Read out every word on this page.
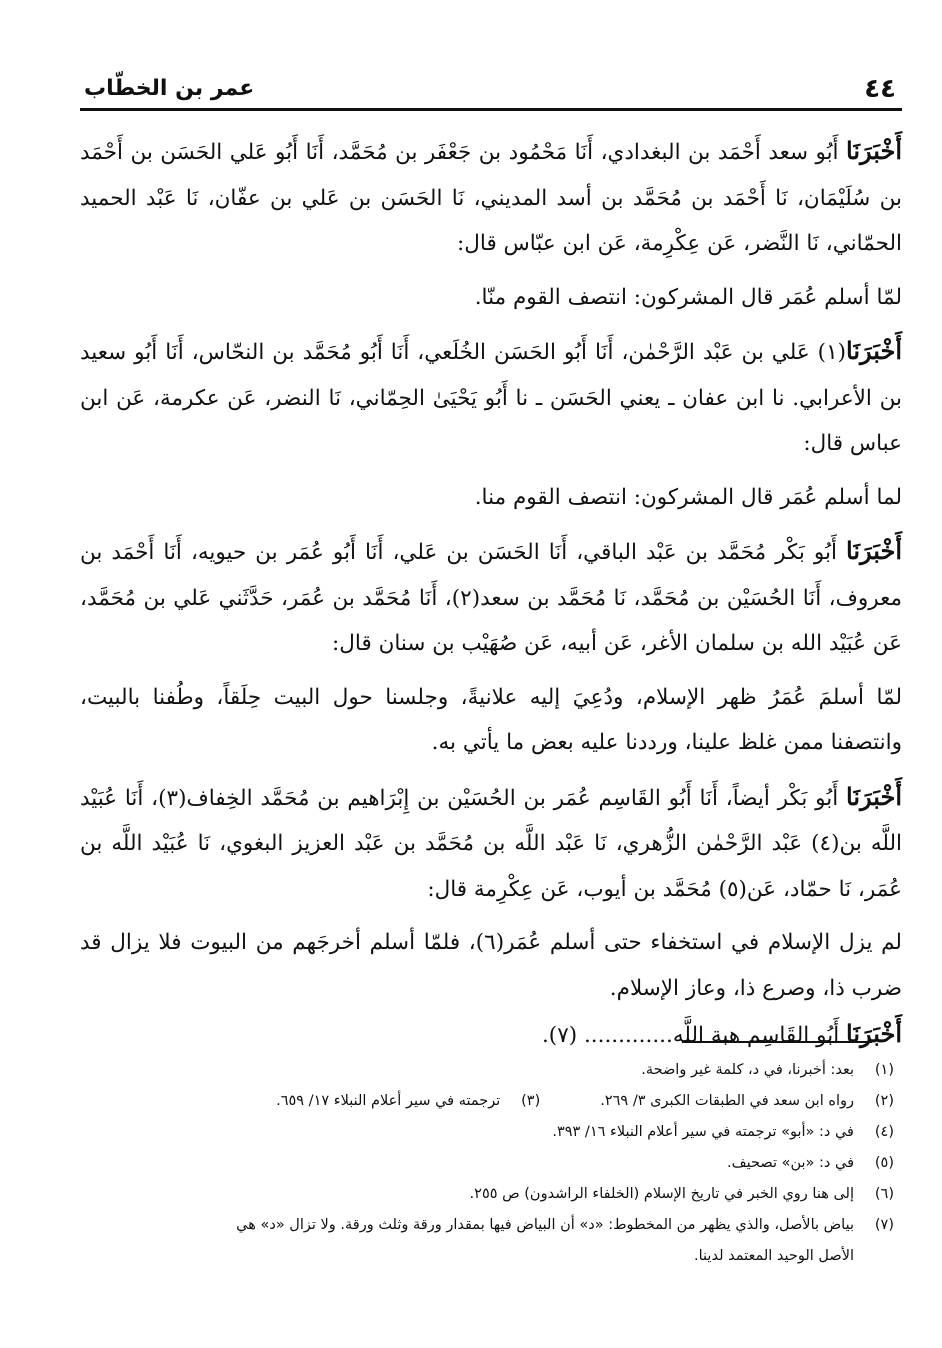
٤٤
عمر بن الخطّاب

أَخْبَرَنَا أَبُو سعد أَحْمَد بن البغدادي، أَنَا مَحْمُود بن جَعْفَر بن مُحَمَّد، أَنَا أَبُو عَلي الحَسَن بن أَحْمَد بن سُلَيْمَان، نَا أَحْمَد بن مُحَمَّد بن أسد المديني، نَا الحَسَن بن عَلي بن عفّان، نَا عَبْد الحميد الحمّاني، نَا النَّضر، عَن عِكْرِمة، عَن ابن عبّاس قال:

لمّا أسلم عُمَر قال المشركون: انتصف القوم منّا.

أَخْبَرَنَا(١) عَلي بن عَبْد الرَّحْمٰن، أَنَا أَبُو الحَسَن الخُلَعي، أَنَا أَبُو مُحَمَّد بن النحّاس، أَنَا أَبُو سعيد بن الأعرابي. نا ابن عفان ـ يعني الحَسَن ـ نا أَبُو يَحْيَىٰ الحِمّاني، نَا النضر، عَن عكرمة، عَن ابن عباس قال:

لما أسلم عُمَر قال المشركون: انتصف القوم منا.

أَخْبَرَنَا أَبُو بَكْر مُحَمَّد بن عَبْد الباقي، أَنَا الحَسَن بن عَلي، أَنَا أَبُو عُمَر بن حيويه، أَنَا أَحْمَد بن معروف، أَنَا الحُسَيْن بن مُحَمَّد، نَا مُحَمَّد بن سعد(٢)، أَنَا مُحَمَّد بن عُمَر، حَدَّثَني عَلي بن مُحَمَّد، عَن عُبَيْد الله بن سلمان الأغر، عَن أبيه، عَن صُهَيْب بن سنان قال:

لمّا أسلمَ عُمَرُ ظهر الإسلام، ودُعِيَ إليه علانيةً، وجلسنا حول البيت حِلَقاً، وطُفنا بالبيت، وانتصفنا ممن غلظ علينا، ورددنا عليه بعض ما يأتي به.

أَخْبَرَنَا أَبُو بَكْر أيضاً، أَنَا أَبُو القَاسِم عُمَر بن الحُسَيْن بن إِبْرَاهيم بن مُحَمَّد الخِفاف(٣)، أَنَا عُبَيْد اللَّه بن(٤) عَبْد الرَّحْمٰن الزُّهري، نَا عَبْد اللَّه بن مُحَمَّد بن عَبْد العزيز البغوي، نَا عُبَيْد اللَّه بن عُمَر، نَا حمّاد، عَن(٥) مُحَمَّد بن أيوب، عَن عِكْرِمة قال:

لم يزل الإسلام في استخفاء حتى أسلم عُمَر(٦)، فلمّا أسلم أخرجَهم من البيوت فلا يزال قد ضرب ذا، وصرع ذا، وعاز الإسلام.

أَخْبَرَنَا أَبُو القَاسِم هبة اللَّه............. (٧).

(١)
بعد: أخبرنا، في د، كلمة غير واضحة.
(٢)
رواه ابن سعد في الطبقات الكبرى ٣/ ٢٦٩.
(٣)
ترجمته في سير أعلام النبلاء ١٧/ ٦٥٩.
(٤)
في د: «أبو» ترجمته في سير أعلام النبلاء ١٦/ ٣٩٣.
(٥)
في د: «بن» تصحيف.
(٦)
إلى هنا روي الخبر في تاريخ الإسلام (الخلفاء الراشدون) ص ٢٥٥.
(٧)
بياض بالأصل، والذي يظهر من المخطوط: «د» أن البياض فيها بمقدار ورقة وثلث ورقة. ولا تزال «د» هي
الأصل الوحيد المعتمد لدينا.
